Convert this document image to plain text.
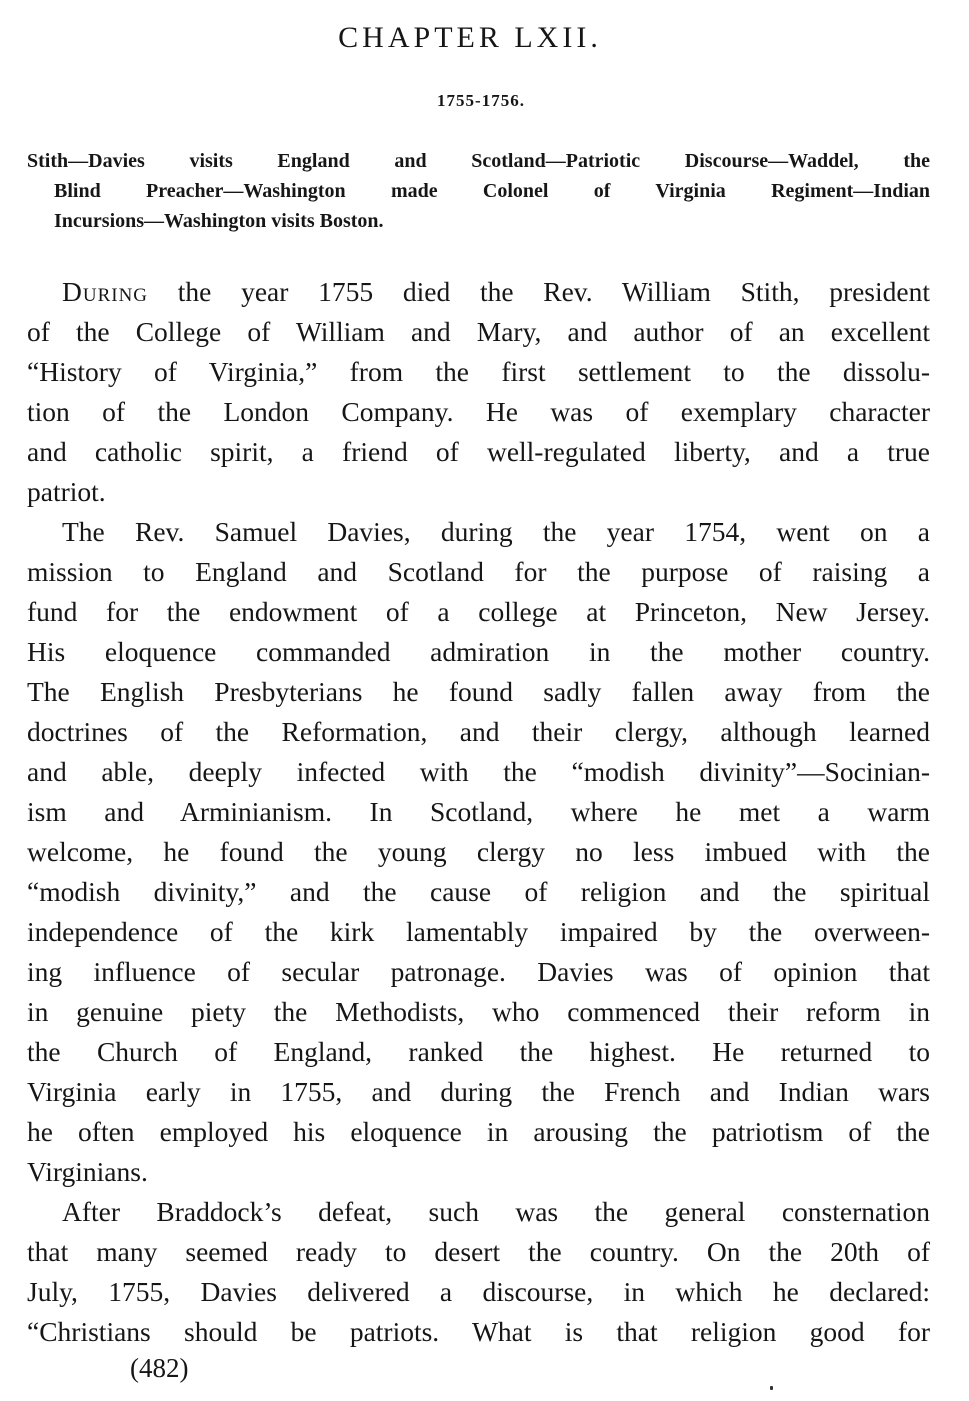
CHAPTER LXII.
1755-1756.
Stith—Davies visits England and Scotland—Patriotic Discourse—Waddel, the
Blind Preacher—Washington made Colonel of Virginia Regiment—Indian
Incursions—Washington visits Boston.
During the year 1755 died the Rev. William Stith, president
of the College of William and Mary, and author of an excellent
“History of Virginia,” from the first settlement to the dissolu-
tion of the London Company. He was of exemplary character
and catholic spirit, a friend of well-regulated liberty, and a true
patriot.
The Rev. Samuel Davies, during the year 1754, went on a
mission to England and Scotland for the purpose of raising a
fund for the endowment of a college at Princeton, New Jersey.
His eloquence commanded admiration in the mother country.
The English Presbyterians he found sadly fallen away from the
doctrines of the Reformation, and their clergy, although learned
and able, deeply infected with the “modish divinity”—Socinian-
ism and Arminianism. In Scotland, where he met a warm
welcome, he found the young clergy no less imbued with the
“modish divinity,” and the cause of religion and the spiritual
independence of the kirk lamentably impaired by the overween-
ing influence of secular patronage. Davies was of opinion that
in genuine piety the Methodists, who commenced their reform in
the Church of England, ranked the highest. He returned to
Virginia early in 1755, and during the French and Indian wars
he often employed his eloquence in arousing the patriotism of the
Virginians.
After Braddock’s defeat, such was the general consternation
that many seemed ready to desert the country. On the 20th of
July, 1755, Davies delivered a discourse, in which he declared:
“Christians should be patriots. What is that religion good for
(482)
